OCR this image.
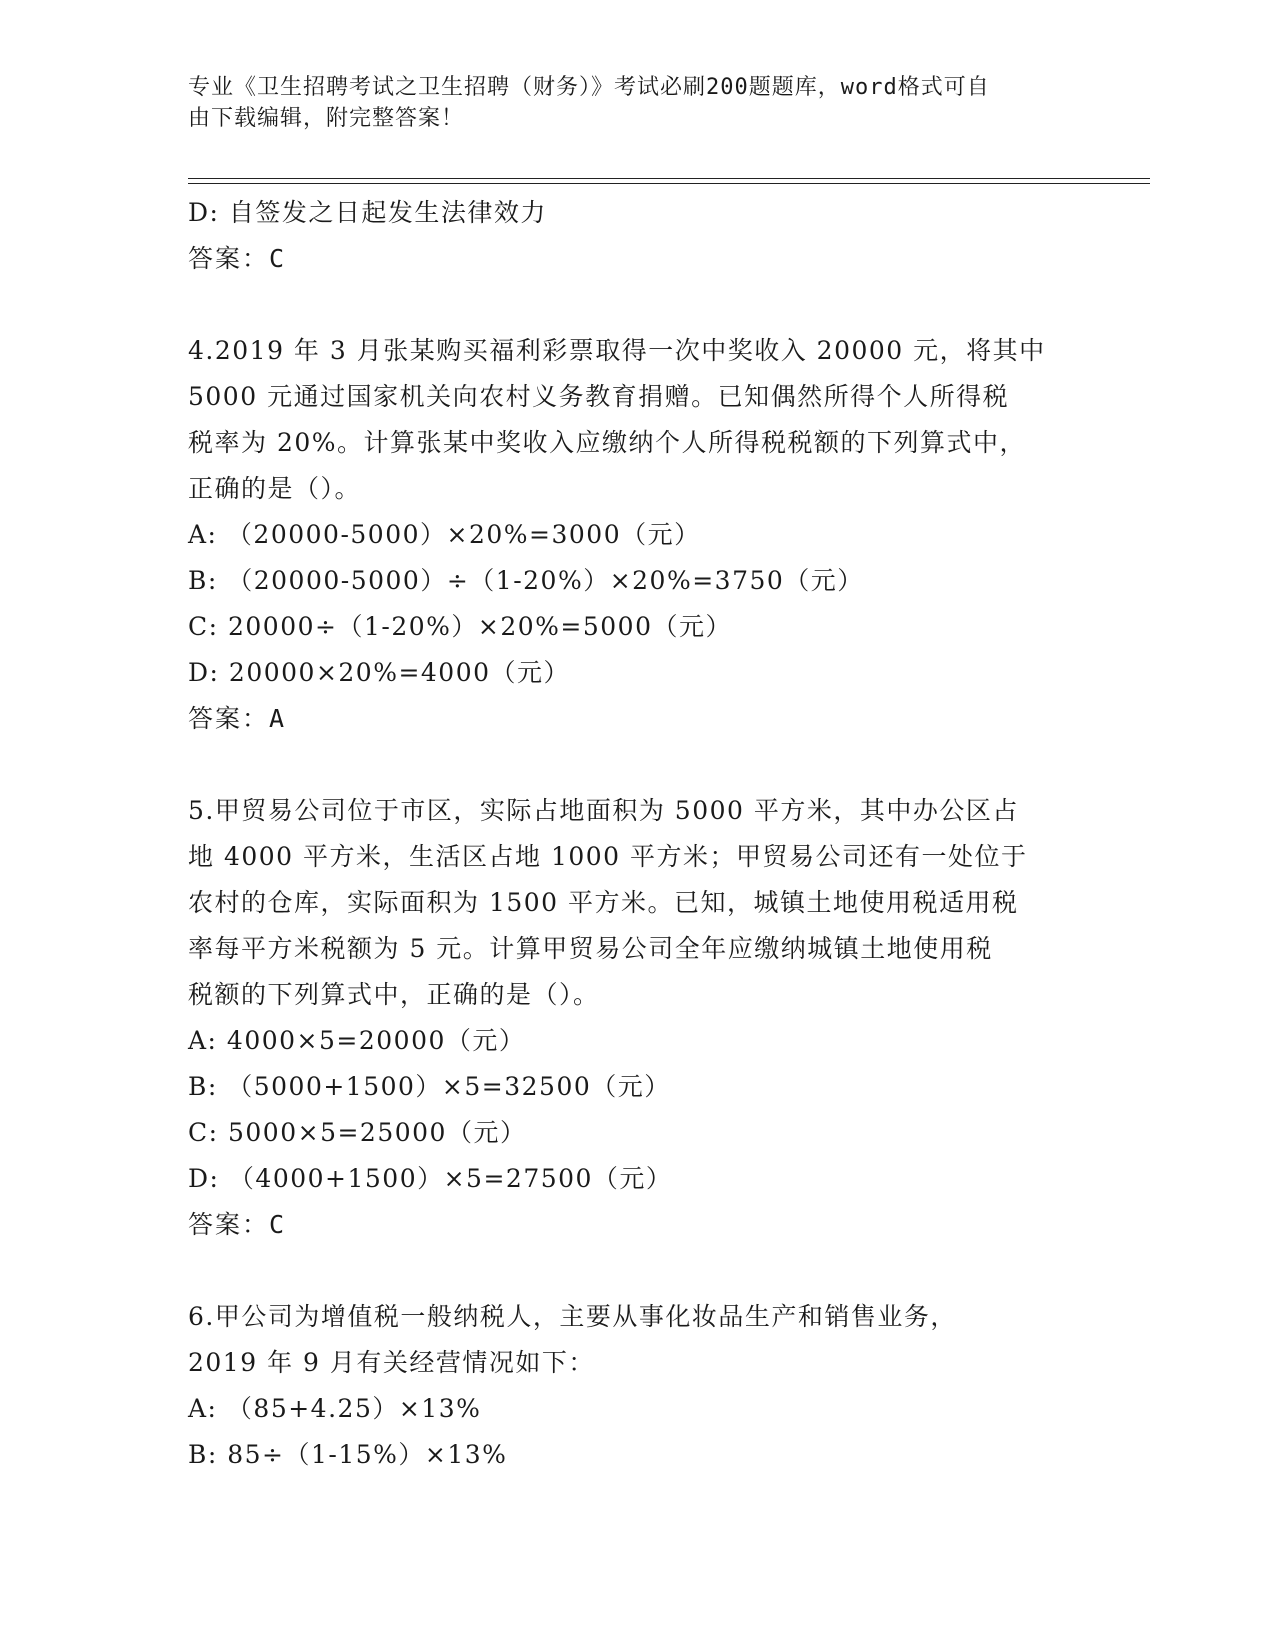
专业《卫生招聘考试之卫生招聘（财务）》考试必刷200题题库，word格式可自
由下载编辑，附完整答案！
D: 自签发之日起发生法律效力
答案：C
4.2019 年 3 月张某购买福利彩票取得一次中奖收入 20000 元，将其中
5000 元通过国家机关向农村义务教育捐赠。已知偶然所得个人所得税
税率为 20%。计算张某中奖收入应缴纳个人所得税税额的下列算式中，
正确的是（）。
A: （20000-5000）×20%=3000（元）
B: （20000-5000）÷（1-20%）×20%=3750（元）
C: 20000÷（1-20%）×20%=5000（元）
D: 20000×20%=4000（元）
答案：A
5.甲贸易公司位于市区，实际占地面积为 5000 平方米，其中办公区占
地 4000 平方米，生活区占地 1000 平方米；甲贸易公司还有一处位于
农村的仓库，实际面积为 1500 平方米。已知，城镇土地使用税适用税
率每平方米税额为 5 元。计算甲贸易公司全年应缴纳城镇土地使用税
税额的下列算式中，正确的是（）。
A: 4000×5=20000（元）
B: （5000+1500）×5=32500（元）
C: 5000×5=25000（元）
D: （4000+1500）×5=27500（元）
答案：C
6.甲公司为增值税一般纳税人，主要从事化妆品生产和销售业务，
2019 年 9 月有关经营情况如下：
A: （85+4.25）×13%
B: 85÷（1-15%）×13%
